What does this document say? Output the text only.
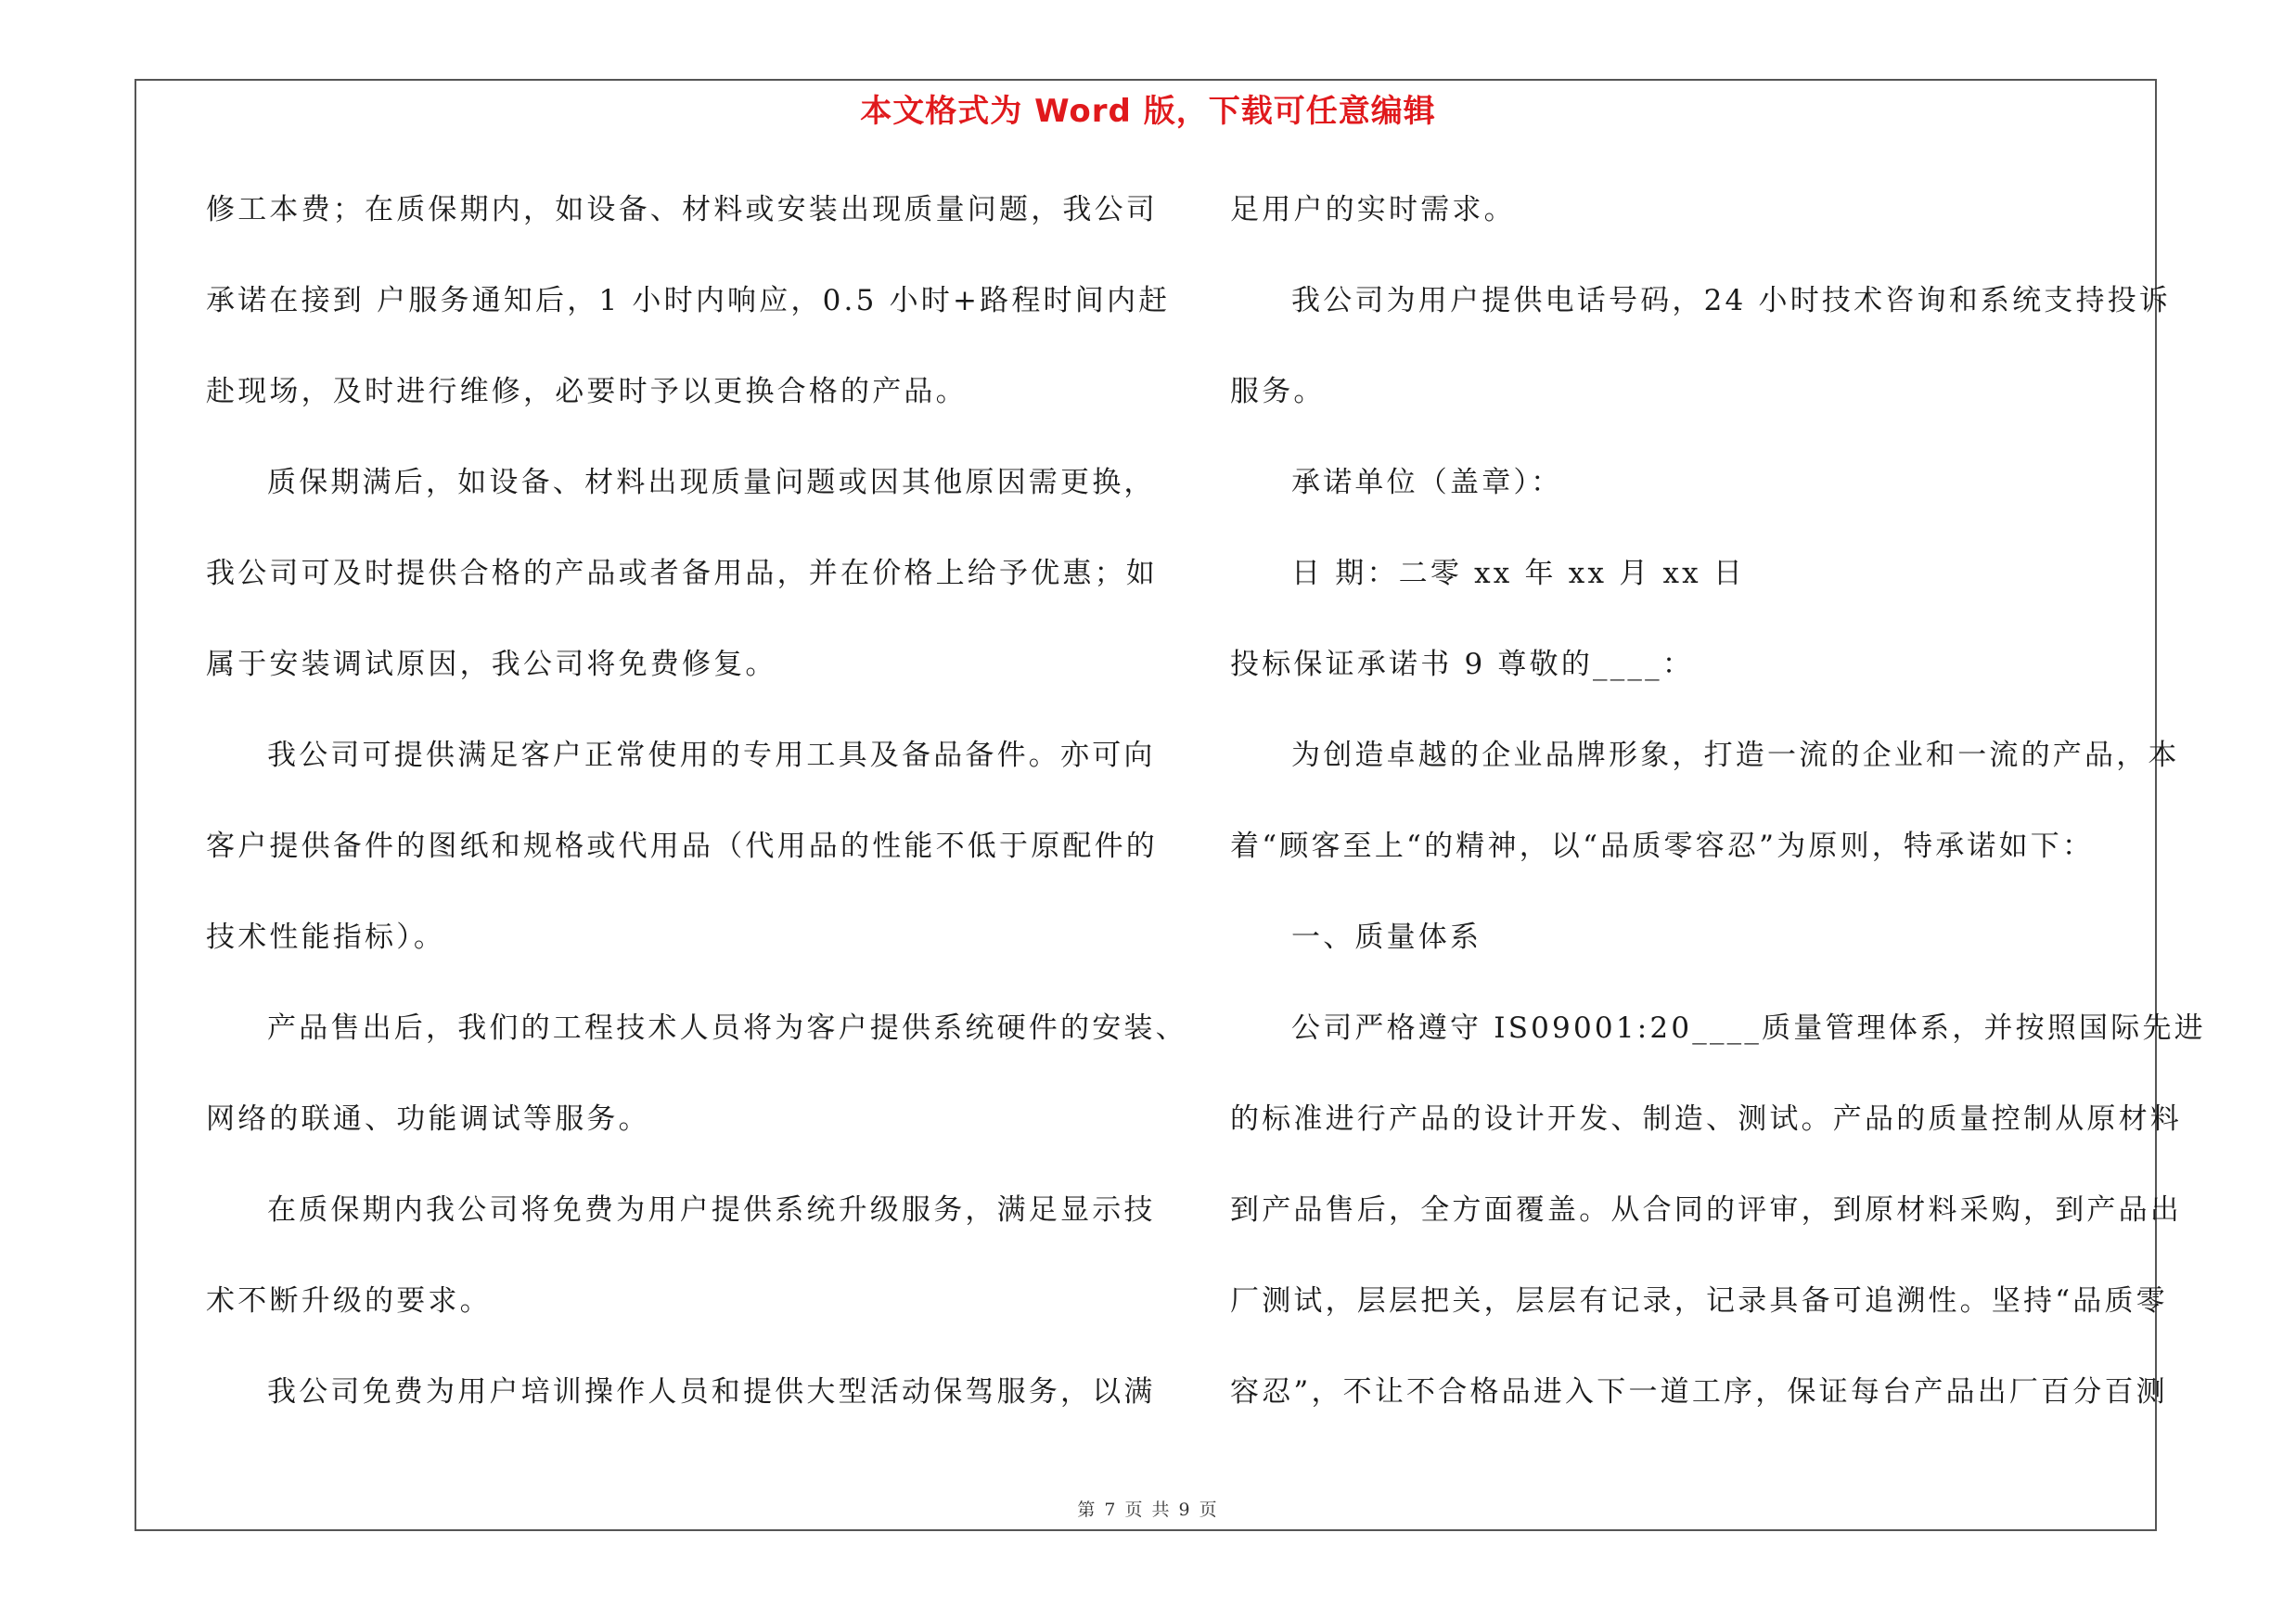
本文格式为 Word 版，下载可任意编辑
修工本费；在质保期内，如设备、材料或安装出现质量问题，我公司
承诺在接到 户服务通知后，1 小时内响应，0.5 小时+路程时间内赶
赴现场，及时进行维修，必要时予以更换合格的产品。
质保期满后，如设备、材料出现质量问题或因其他原因需更换，
我公司可及时提供合格的产品或者备用品，并在价格上给予优惠；如
属于安装调试原因，我公司将免费修复。
我公司可提供满足客户正常使用的专用工具及备品备件。亦可向
客户提供备件的图纸和规格或代用品（代用品的性能不低于原配件的
技术性能指标）。
产品售出后，我们的工程技术人员将为客户提供系统硬件的安装、
网络的联通、功能调试等服务。
在质保期内我公司将免费为用户提供系统升级服务，满足显示技
术不断升级的要求。
我公司免费为用户培训操作人员和提供大型活动保驾服务，以满
足用户的实时需求。
我公司为用户提供电话号码，24 小时技术咨询和系统支持投诉
服务。
承诺单位（盖章）：
日 期：二零 xx 年 xx 月 xx 日
投标保证承诺书 9 尊敬的____：
为创造卓越的企业品牌形象，打造一流的企业和一流的产品，本
着“顾客至上“的精神，以“品质零容忍”为原则，特承诺如下：
一、质量体系
公司严格遵守 IS09001:20____质量管理体系，并按照国际先进
的标准进行产品的设计开发、制造、测试。产品的质量控制从原材料
到产品售后，全方面覆盖。从合同的评审，到原材料采购，到产品出
厂测试，层层把关，层层有记录，记录具备可追溯性。坚持“品质零
容忍”，不让不合格品进入下一道工序，保证每台产品出厂百分百测
第 7 页 共 9 页
